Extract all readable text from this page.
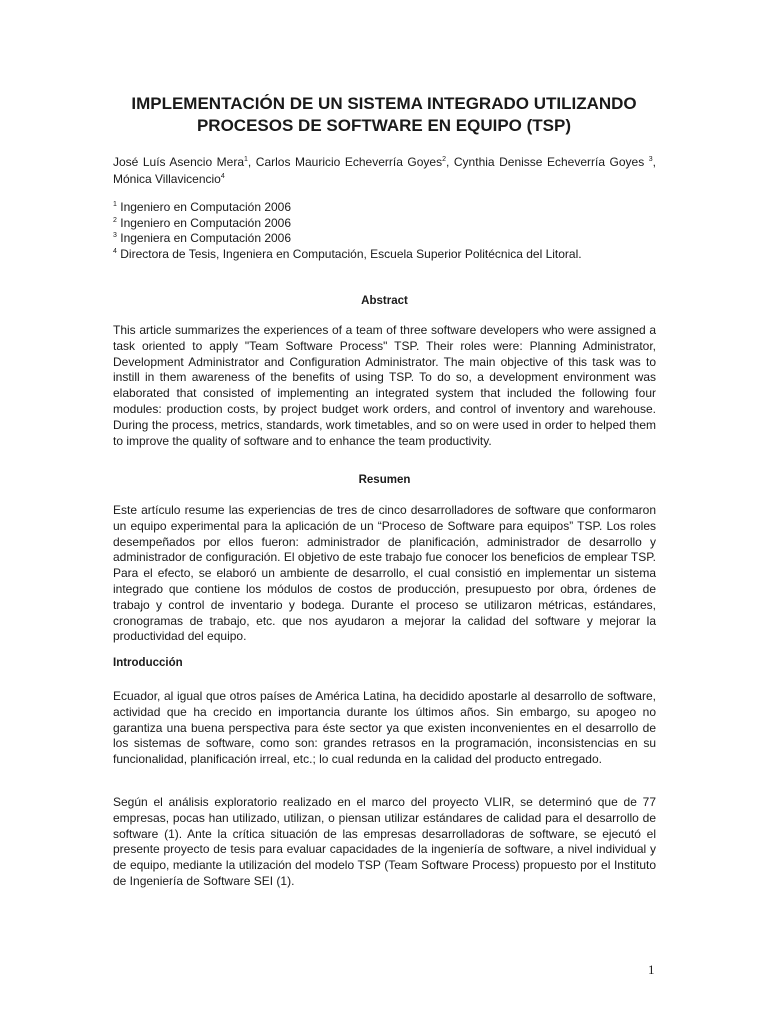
IMPLEMENTACIÓN DE UN SISTEMA INTEGRADO UTILIZANDO PROCESOS DE SOFTWARE EN EQUIPO (TSP)
José Luís Asencio Mera$^1$, Carlos Mauricio Echeverría Goyes$^2$, Cynthia Denisse Echeverría Goyes $^3$, Mónica Villavicencio$^4$
$^1$ Ingeniero en Computación 2006
$^2$ Ingeniero en Computación 2006
$^3$ Ingeniera en Computación 2006
$^4$ Directora de Tesis, Ingeniera en Computación, Escuela Superior Politécnica del Litoral.
Abstract

This article summarizes the experiences of a team of three software developers who were assigned a task oriented to apply "Team Software Process" TSP. Their roles were: Planning Administrator, Development Administrator and Configuration Administrator. The main objective of this task was to instill in them awareness of the benefits of using TSP. To do so, a development environment was elaborated that consisted of implementing an integrated system that included the following four modules: production costs, by project budget work orders, and control of inventory and warehouse. During the process, metrics, standards, work timetables, and so on were used in order to helped them to improve the quality of software and to enhance the team productivity.

Resumen

Este artículo resume las experiencias de tres de cinco desarrolladores de software que conformaron un equipo experimental para la aplicación de un “Proceso de Software para equipos” TSP. Los roles desempeñados por ellos fueron: administrador de planificación, administrador de desarrollo y administrador de configuración. El objetivo de este trabajo fue conocer los beneficios de emplear TSP. Para el efecto, se elaboró un ambiente de desarrollo, el cual consistió en implementar un sistema integrado que contiene los módulos de costos de producción, presupuesto por obra, órdenes de trabajo y control de inventario y bodega. Durante el proceso se utilizaron métricas, estándares, cronogramas de trabajo, etc. que nos ayudaron a mejorar la calidad del software y mejorar la productividad del equipo.

Introducción

Ecuador, al igual que otros países de América Latina, ha decidido apostarle al desarrollo de software, actividad que ha crecido en importancia durante los últimos años. Sin embargo, su apogeo no garantiza una buena perspectiva para éste sector ya que existen inconvenientes en el desarrollo de los sistemas de software, como son: grandes retrasos en la programación, inconsistencias en su funcionalidad, planificación irreal, etc.; lo cual redunda en la calidad del producto entregado.

Según el análisis exploratorio realizado en el marco del proyecto VLIR, se determinó que de 77 empresas, pocas han utilizado, utilizan, o piensan utilizar estándares de calidad para el desarrollo de software (1). Ante la crítica situación de las empresas desarrolladoras de software, se ejecutó el presente proyecto de tesis para evaluar capacidades de la ingeniería de software, a nivel individual y de equipo, mediante la utilización del modelo TSP (Team Software Process) propuesto por el Instituto de Ingeniería de Software SEI (1).

1
